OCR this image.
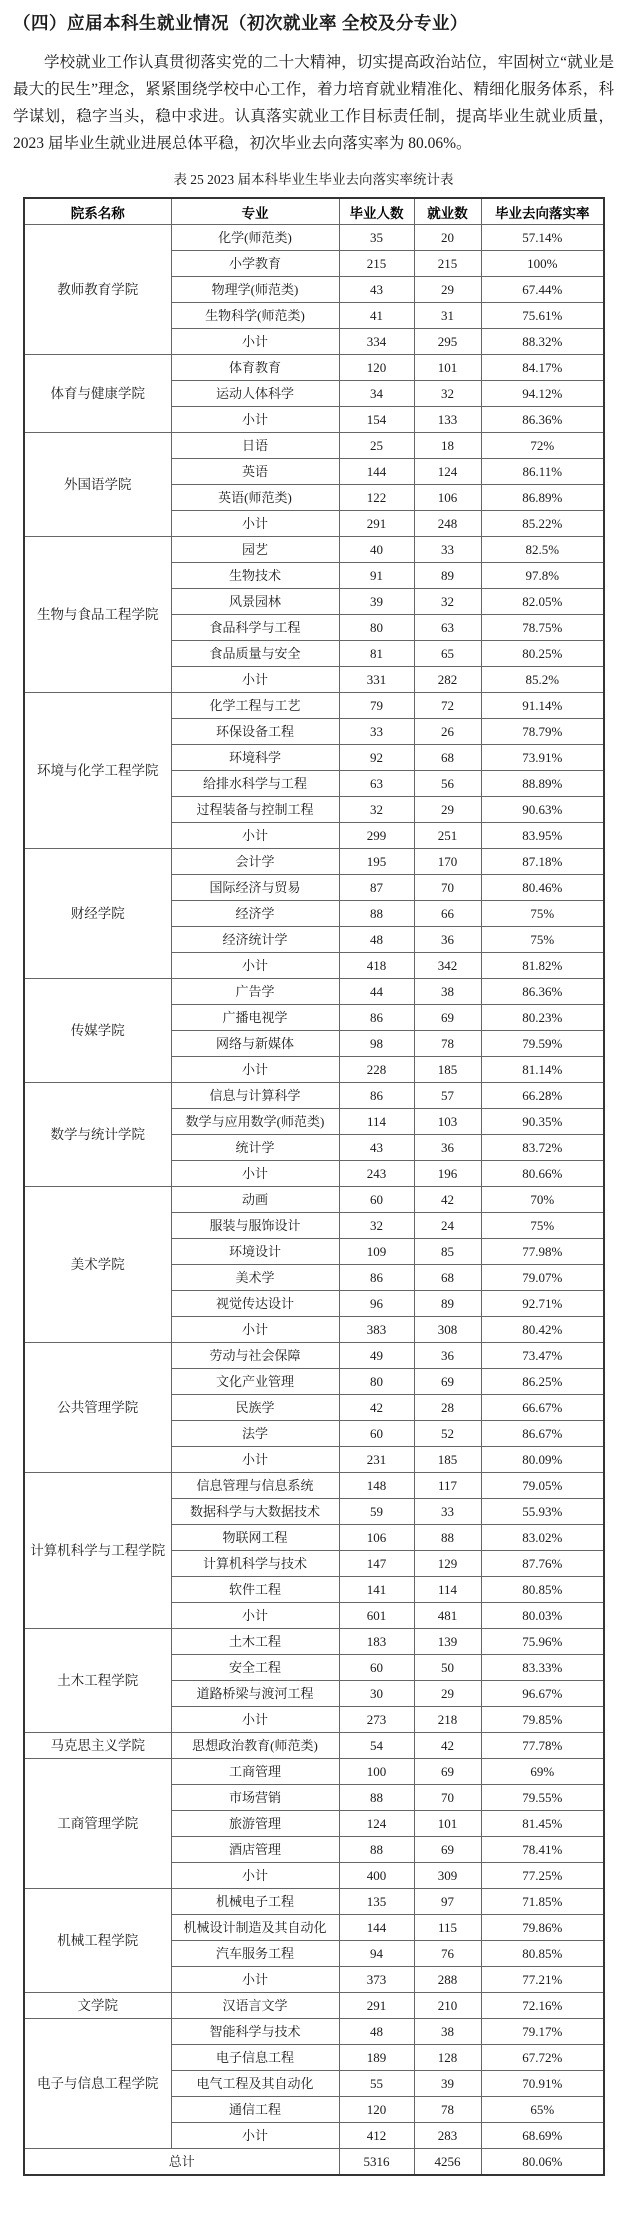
（四）应届本科生就业情况（初次就业率 全校及分专业）

学校就业工作认真贯彻落实党的二十大精神，切实提高政治站位，牢固树立“就业是最大的民生”理念，紧紧围绕学校中心工作，着力培育就业精准化、精细化服务体系，科学谋划，稳字当头，稳中求进。认真落实就业工作目标责任制，提高毕业生就业质量，2023 届毕业生就业进展总体平稳，初次毕业去向落实率为 80.06%。

表 25 2023 届本科毕业生毕业去向落实率统计表
院系名称	专业	毕业人数	就业数	毕业去向落实率
教师教育学院	化学(师范类)	35	20	57.14%
	小学教育	215	215	100%
	物理学(师范类)	43	29	67.44%
	生物科学(师范类)	41	31	75.61%
	小计	334	295	88.32%
体育与健康学院	体育教育	120	101	84.17%
	运动人体科学	34	32	94.12%
	小计	154	133	86.36%
外国语学院	日语	25	18	72%
	英语	144	124	86.11%
	英语(师范类)	122	106	86.89%
	小计	291	248	85.22%
生物与食品工程学院	园艺	40	33	82.5%
	生物技术	91	89	97.8%
	风景园林	39	32	82.05%
	食品科学与工程	80	63	78.75%
	食品质量与安全	81	65	80.25%
	小计	331	282	85.2%
环境与化学工程学院	化学工程与工艺	79	72	91.14%
	环保设备工程	33	26	78.79%
	环境科学	92	68	73.91%
	给排水科学与工程	63	56	88.89%
	过程装备与控制工程	32	29	90.63%
	小计	299	251	83.95%
财经学院	会计学	195	170	87.18%
	国际经济与贸易	87	70	80.46%
	经济学	88	66	75%
	经济统计学	48	36	75%
	小计	418	342	81.82%
传媒学院	广告学	44	38	86.36%
	广播电视学	86	69	80.23%
	网络与新媒体	98	78	79.59%
	小计	228	185	81.14%
数学与统计学院	信息与计算科学	86	57	66.28%
	数学与应用数学(师范类)	114	103	90.35%
	统计学	43	36	83.72%
	小计	243	196	80.66%
美术学院	动画	60	42	70%
	服装与服饰设计	32	24	75%
	环境设计	109	85	77.98%
	美术学	86	68	79.07%
	视觉传达设计	96	89	92.71%
	小计	383	308	80.42%
公共管理学院	劳动与社会保障	49	36	73.47%
	文化产业管理	80	69	86.25%
	民族学	42	28	66.67%
	法学	60	52	86.67%
	小计	231	185	80.09%
计算机科学与工程学院	信息管理与信息系统	148	117	79.05%
	数据科学与大数据技术	59	33	55.93%
	物联网工程	106	88	83.02%
	计算机科学与技术	147	129	87.76%
	软件工程	141	114	80.85%
	小计	601	481	80.03%
土木工程学院	土木工程	183	139	75.96%
	安全工程	60	50	83.33%
	道路桥梁与渡河工程	30	29	96.67%
	小计	273	218	79.85%
马克思主义学院	思想政治教育(师范类)	54	42	77.78%
工商管理学院	工商管理	100	69	69%
	市场营销	88	70	79.55%
	旅游管理	124	101	81.45%
	酒店管理	88	69	78.41%
	小计	400	309	77.25%
机械工程学院	机械电子工程	135	97	71.85%
	机械设计制造及其自动化	144	115	79.86%
	汽车服务工程	94	76	80.85%
	小计	373	288	77.21%
文学院	汉语言文学	291	210	72.16%
电子与信息工程学院	智能科学与技术	48	38	79.17%
	电子信息工程	189	128	67.72%
	电气工程及其自动化	55	39	70.91%
	通信工程	120	78	65%
	小计	412	283	68.69%
总计		5316	4256	80.06%
